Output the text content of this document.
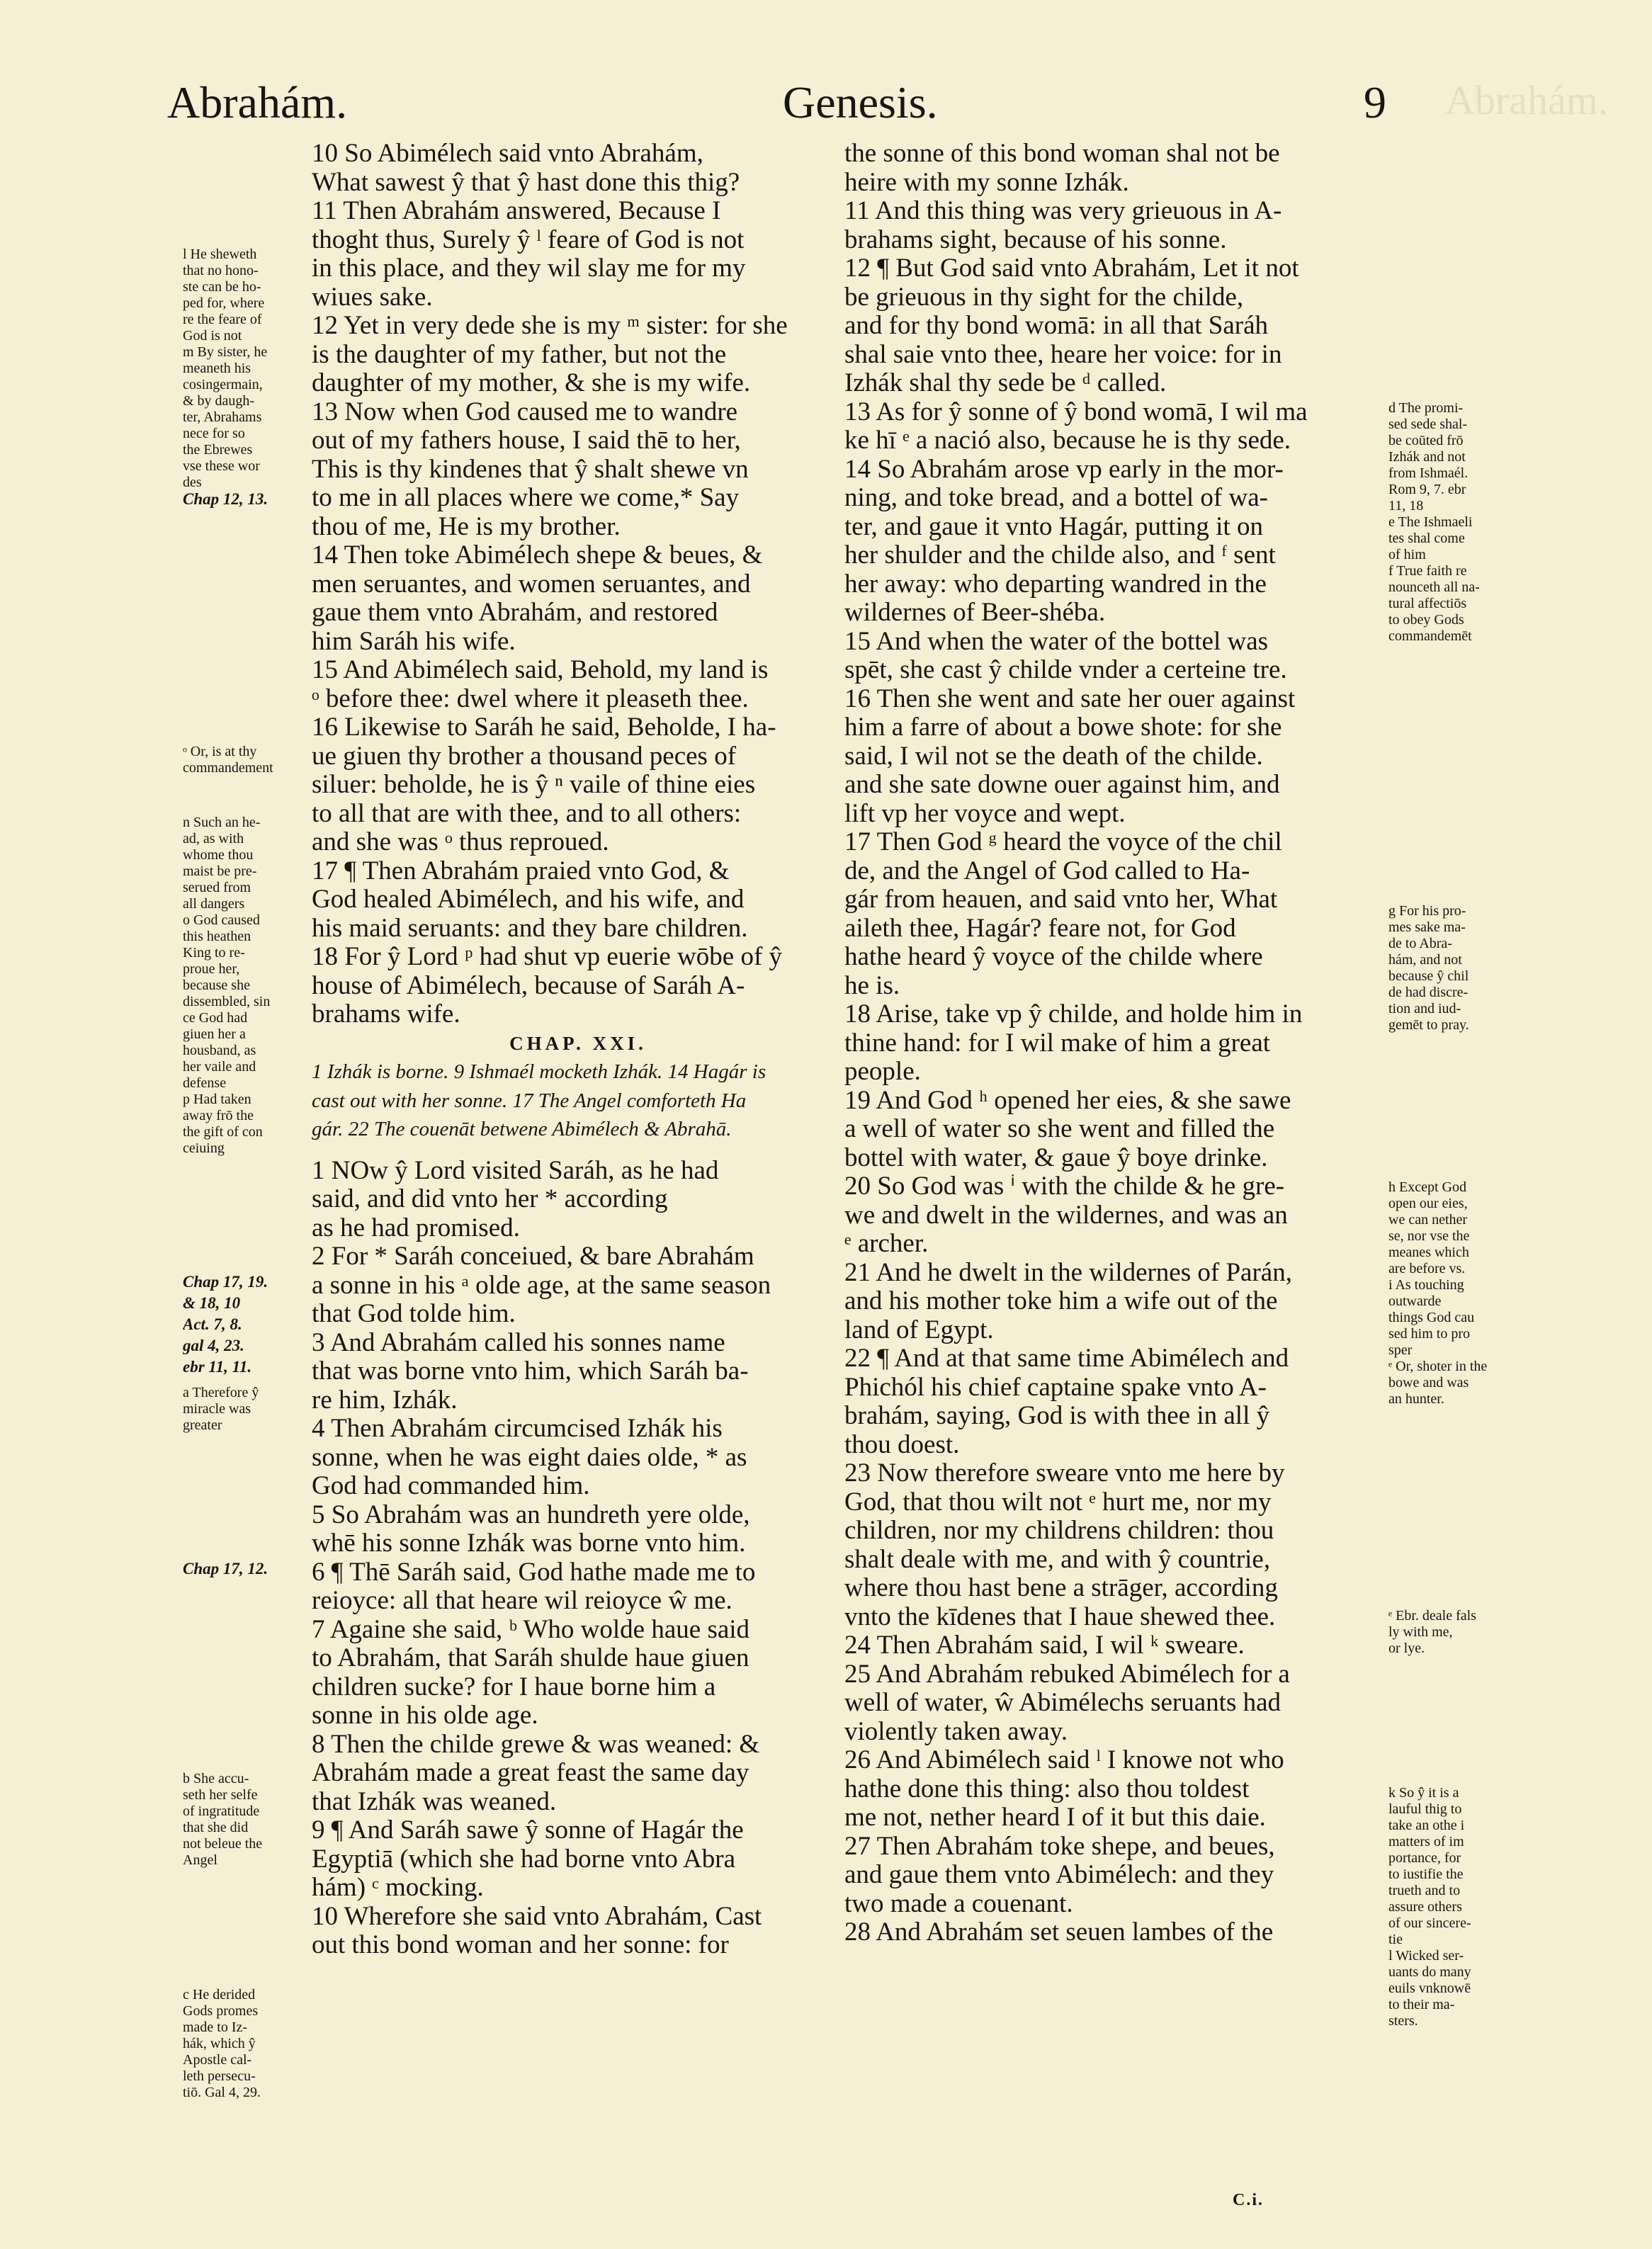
Abrahám.
Abrahám.	Genesis.	9
10 So Abimélech said vnto Abrahám,
What sawest ŷ that ŷ hast done this thig?
11 Then Abrahám answered, Because I
thoght thus, Surely ŷ ˡ feare of God is not
in this place, and they wil slay me for my
wiues sake.
12 Yet in very dede she is my ᵐ sister: for she
is the daughter of my father, but not the
daughter of my mother, & she is my wife.
13 Now when God caused me to wandre
out of my fathers house, I said thē to her,
This is thy kindenes that ŷ shalt shewe vn
to me in all places where we come,* Say
thou of me, He is my brother.
14 Then toke Abimélech shepe & beues, &
men seruantes, and women seruantes, and
gaue them vnto Abrahám, and restored
him Saráh his wife.
15 And Abimélech said, Behold, my land is
ᵒ before thee: dwel where it pleaseth thee.
16 Likewise to Saráh he said, Beholde, I ha-
ue giuen thy brother a thousand peces of
siluer: beholde, he is ŷ ⁿ vaile of thine eies
to all that are with thee, and to all others:
and she was ᵒ thus reproued.
17 ¶ Then Abrahám praied vnto God, &
God healed Abimélech, and his wife, and
his maid seruants: and they bare children.
18 For ŷ Lord ᵖ had shut vp euerie wōbe of ŷ
house of Abimélech, because of Saráh A-
brahams wife.
CHAP. XXI.
1 Izhák is borne. 9 Ishmaél mocketh Izhák. 14 Hagár is
cast out with her sonne. 17 The Angel comforteth Ha
gár. 22 The couenāt betwene Abimélech & Abrahā.
1 NOw ŷ Lord visited Saráh, as he had
said, and did vnto her * according
as he had promised.
2 For * Saráh conceiued, & bare Abrahám
a sonne in his ᵃ olde age, at the same season
that God tolde him.
3 And Abrahám called his sonnes name
that was borne vnto him, which Saráh ba-
re him, Izhák.
4 Then Abrahám circumcised Izhák his
sonne, when he was eight daies olde, * as
God had commanded him.
5 So Abrahám was an hundreth yere olde,
whē his sonne Izhák was borne vnto him.
6 ¶ Thē Saráh said, God hathe made me to
reioyce: all that heare wil reioyce ŵ me.
7 Againe she said, ᵇ Who wolde haue said
to Abrahám, that Saráh shulde haue giuen
children sucke? for I haue borne him a
sonne in his olde age.
8 Then the childe grewe & was weaned: &
Abrahám made a great feast the same day
that Izhák was weaned.
9 ¶ And Saráh sawe ŷ sonne of Hagár the
Egyptiā (which she had borne vnto Abra
hám) ᶜ mocking.
10 Wherefore she said vnto Abrahám, Cast
out this bond woman and her sonne: for
the sonne of this bond woman shal not be
heire with my sonne Izhák.
11 And this thing was very grieuous in A-
brahams sight, because of his sonne.
12 ¶ But God said vnto Abrahám, Let it not
be grieuous in thy sight for the childe,
and for thy bond womā: in all that Saráh
shal saie vnto thee, heare her voice: for in
Izhák shal thy sede be ᵈ called.
13 As for ŷ sonne of ŷ bond womā, I wil ma
ke hī ᵉ a nació also, because he is thy sede.
14 So Abrahám arose vp early in the mor-
ning, and toke bread, and a bottel of wa-
ter, and gaue it vnto Hagár, putting it on
her shulder and the childe also, and ᶠ sent
her away: who departing wandred in the
wildernes of Beer-shéba.
15 And when the water of the bottel was
spēt, she cast ŷ childe vnder a certeine tre.
16 Then she went and sate her ouer against
him a farre of about a bowe shote: for she
said, I wil not se the death of the childe.
and she sate downe ouer against him, and
lift vp her voyce and wept.
17 Then God ᵍ heard the voyce of the chil
de, and the Angel of God called to Ha-
gár from heauen, and said vnto her, What
aileth thee, Hagár? feare not, for God
hathe heard ŷ voyce of the childe where
he is.
18 Arise, take vp ŷ childe, and holde him in
thine hand: for I wil make of him a great
people.
19 And God ʰ opened her eies, & she sawe
a well of water so she went and filled the
bottel with water, & gaue ŷ boye drinke.
20 So God was ⁱ with the childe & he gre-
we and dwelt in the wildernes, and was an
ᵉ archer.
21 And he dwelt in the wildernes of Parán,
and his mother toke him a wife out of the
land of Egypt.
22 ¶ And at that same time Abimélech and
Phichól his chief captaine spake vnto A-
brahám, saying, God is with thee in all ŷ
thou doest.
23 Now therefore sweare vnto me here by
God, that thou wilt not ᵉ hurt me, nor my
children, nor my childrens children: thou
shalt deale with me, and with ŷ countrie,
where thou hast bene a strāger, according
vnto the kīdenes that I haue shewed thee.
24 Then Abrahám said, I wil ᵏ sweare.
25 And Abrahám rebuked Abimélech for a
well of water, ŵ Abimélechs seruants had
violently taken away.
26 And Abimélech said ˡ I knowe not who
hathe done this thing: also thou toldest
me not, nether heard I of it but this daie.
27 Then Abrahám toke shepe, and beues,
and gaue them vnto Abimélech: and they
two made a couenant.
28 And Abrahám set seuen lambes of the
l He sheweth
that no hono-
ste can be ho-
ped for, where
re the feare of
God is not
m By sister, he
meaneth his
cosingermain,
& by daugh-
ter, Abrahams
nece for so
the Ebrewes
vse these wor
des
Chap 12, 13.
ᵒ Or, is at thy
commandement
n Such an he-
ad, as with
whome thou
maist be pre-
serued from
all dangers
o God caused
this heathen
King to re-
proue her,
because she
dissembled, sin
ce God had
giuen her a
housband, as
her vaile and
defense
p Had taken
away frō the
the gift of con
ceiuing
Chap 17, 19.
& 18, 10
Act. 7, 8.
gal 4, 23.
ebr 11, 11.
a Therefore ŷ
miracle was
greater
Chap 17, 12.
b She accu-
seth her selfe
of ingratitude
that she did
not beleue the
Angel
c He derided
Gods promes
made to Iz-
hák, which ŷ
Apostle cal-
leth persecu-
tiō. Gal 4, 29.
d The promi-
sed sede shal-
be coūted frō
Izhák and not
from Ishmaél.
Rom 9, 7. ebr
11, 18
e The Ishmaeli
tes shal come
of him
f True faith re
nounceth all na-
tural affectiōs
to obey Gods
commandemēt
g For his pro-
mes sake ma-
de to Abra-
hám, and not
because ŷ chil
de had discre-
tion and iud-
gemēt to pray.
h Except God
open our eies,
we can nether
se, nor vse the
meanes which
are before vs.
i As touching
outwarde
things God cau
sed him to pro
sper
ᵉ Or, shoter in the
bowe and was
an hunter.
ᵉ Ebr. deale fals
ly with me,
or lye.
k So ŷ it is a
lauful thig to
take an othe i
matters of im
portance, for
to iustifie the
trueth and to
assure others
of our sincere-
tie
l Wicked ser-
uants do many
euils vnknowē
to their ma-
sters.
C.i.
